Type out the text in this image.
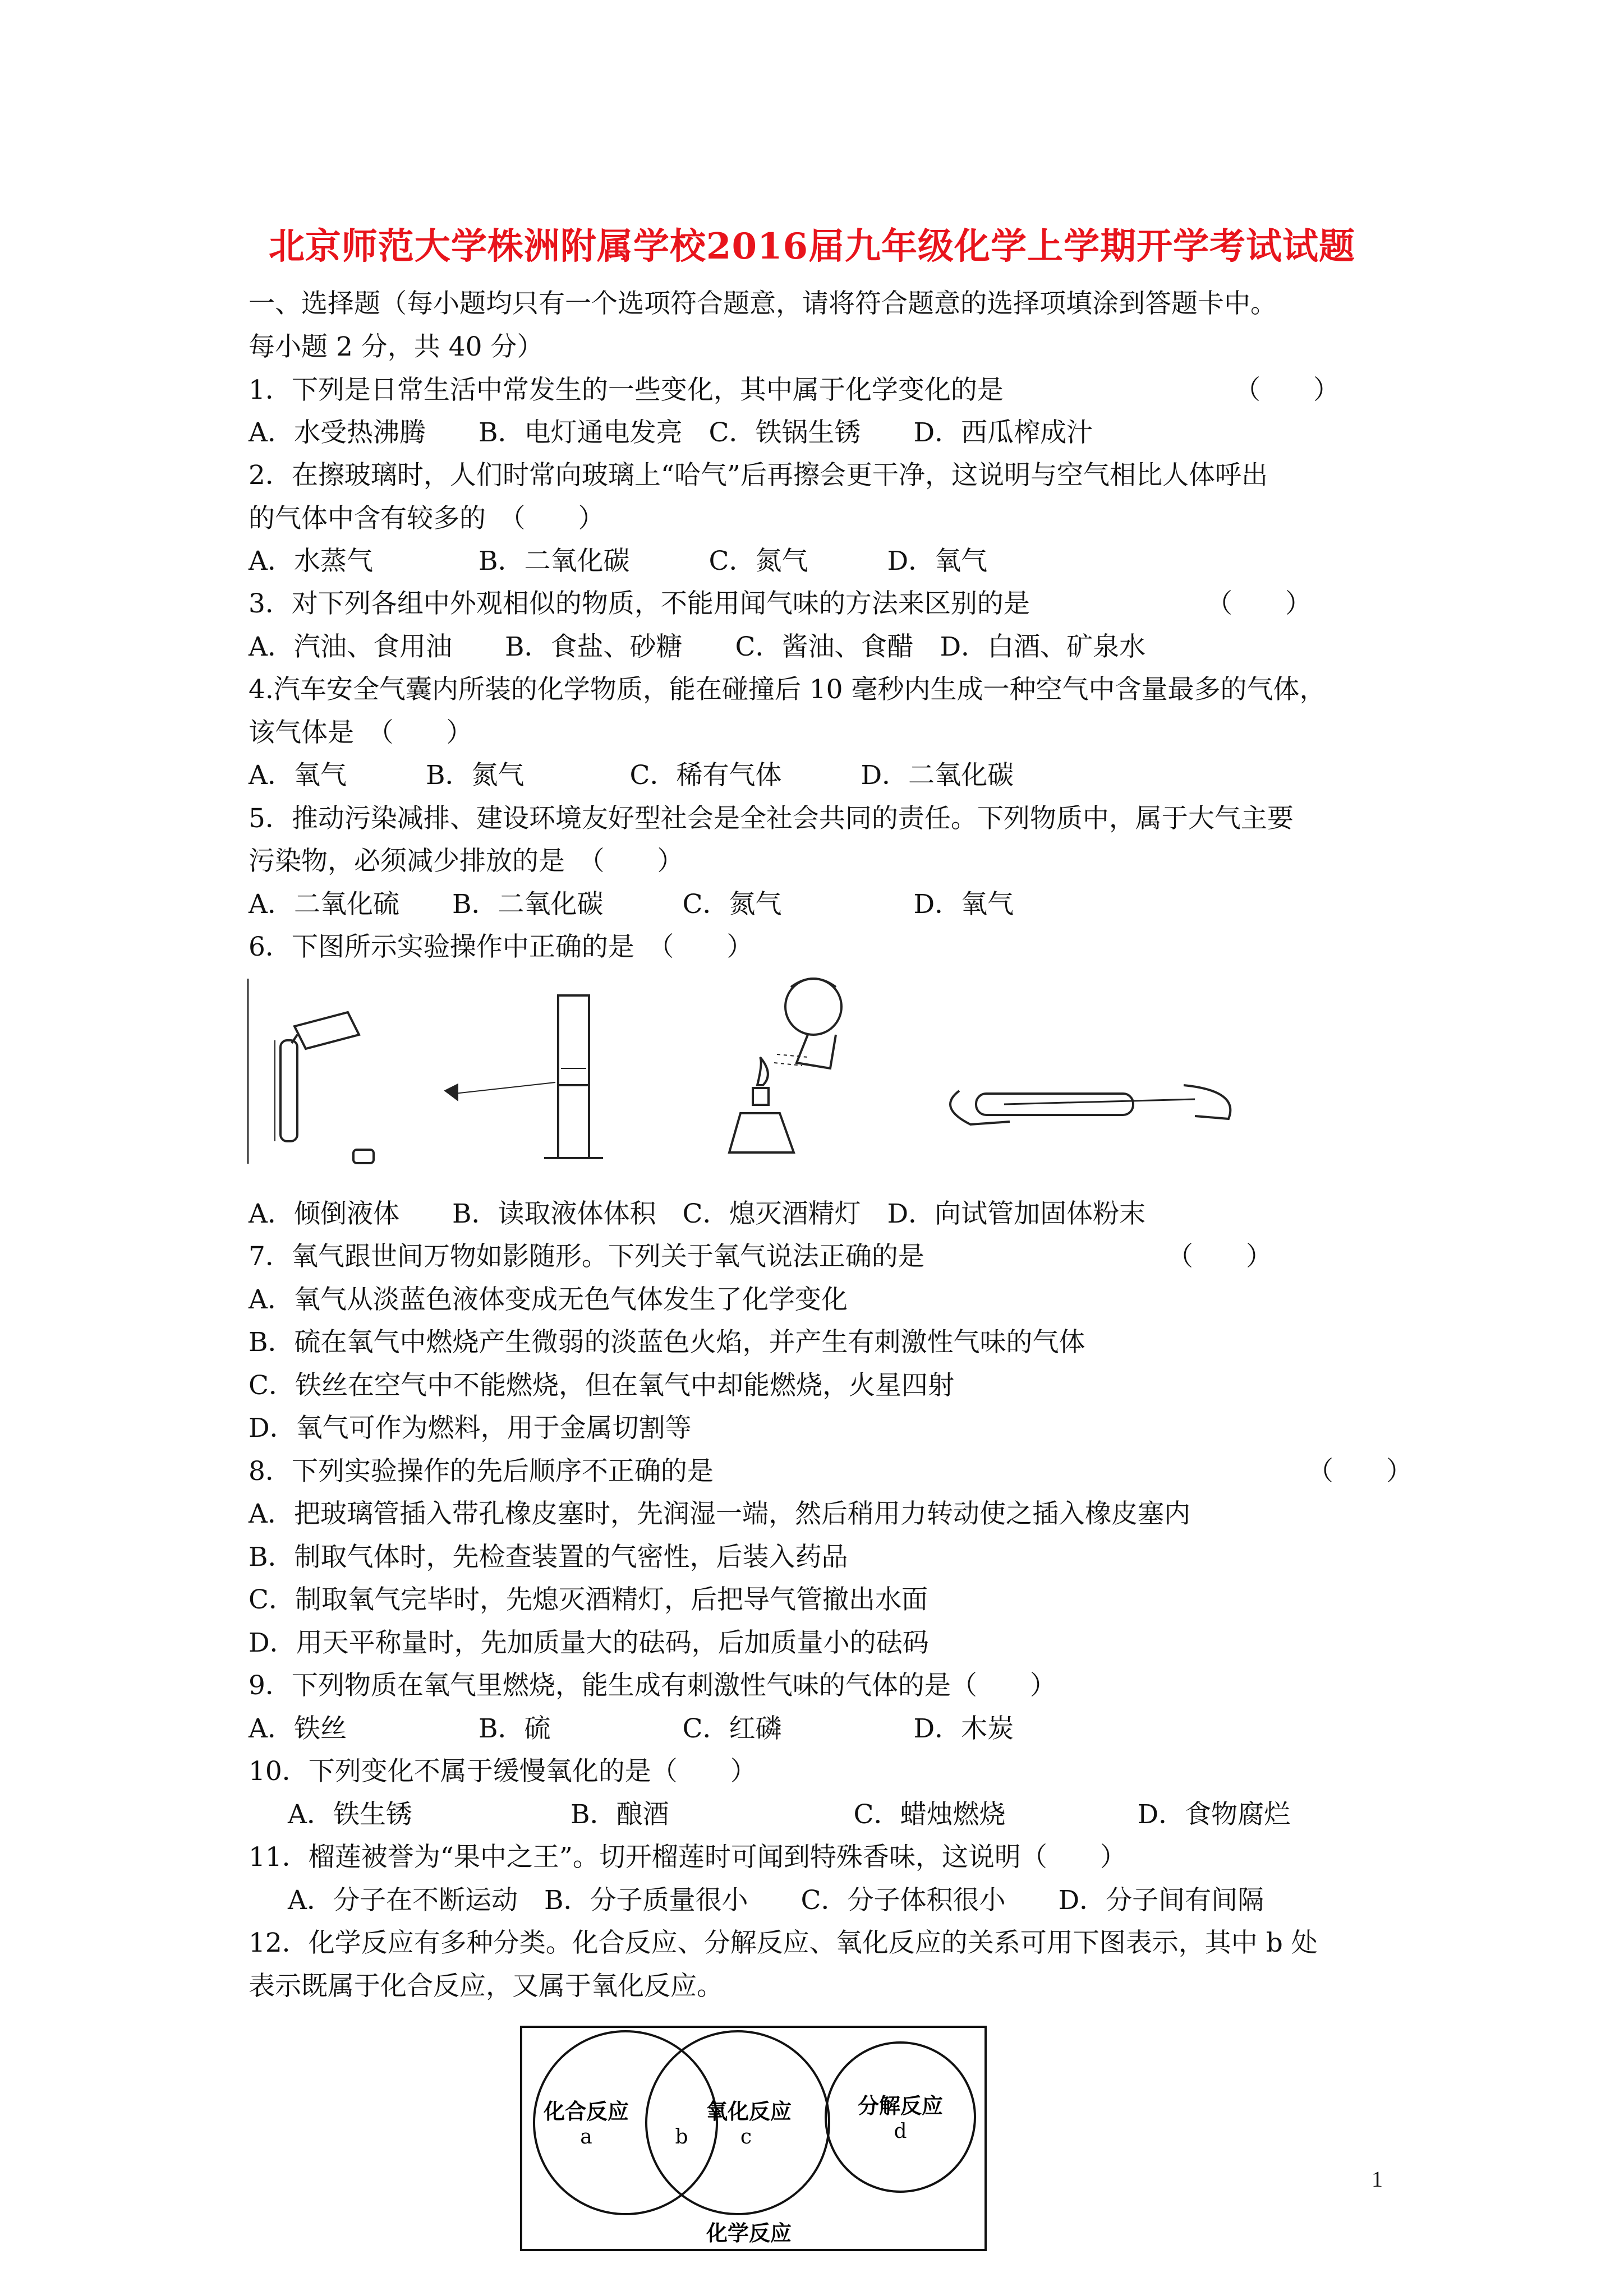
北京师范大学株洲附属学校2016届九年级化学上学期开学考试试题
一、选择题（每小题均只有一个选项符合题意，请将符合题意的选择项填涂到答题卡中。
每小题 2 分，共 40 分）
1．下列是日常生活中常发生的一些变化，其中属于化学变化的是	（　　）
A．水受热沸腾　　B．电灯通电发亮　C．铁锅生锈　　D．西瓜榨成汁
2．在擦玻璃时，人们时常向玻璃上“哈气”后再擦会更干净，这说明与空气相比人体呼出
的气体中含有较多的　（　　）
A．水蒸气　　　　B．二氧化碳　　　C．氮气　　　D．氧气
3．对下列各组中外观相似的物质，不能用闻气味的方法来区别的是	（　　）
A．汽油、食用油　　B．食盐、砂糖　　C．酱油、食醋　D．白酒、矿泉水
4.汽车安全气囊内所装的化学物质，能在碰撞后 10 毫秒内生成一种空气中含量最多的气体，
该气体是　（　　）
A．氧气　　　B．氮气　　　　C．稀有气体　　　D．二氧化碳
5．推动污染减排、建设环境友好型社会是全社会共同的责任。下列物质中，属于大气主要
污染物，必须减少排放的是　（　　）
A．二氧化硫　　B．二氧化碳　　　C．氮气　　　　　D．氧气
6．下图所示实验操作中正确的是　（　　）
A．倾倒液体　　B．读取液体体积　C．熄灭酒精灯　D．向试管加固体粉末
7．氧气跟世间万物如影随形。下列关于氧气说法正确的是	（　　）
A．氧气从淡蓝色液体变成无色气体发生了化学变化
B．硫在氧气中燃烧产生微弱的淡蓝色火焰，并产生有刺激性气味的气体
C．铁丝在空气中不能燃烧，但在氧气中却能燃烧，火星四射
D．氧气可作为燃料，用于金属切割等
8．下列实验操作的先后顺序不正确的是	（　　）
A．把玻璃管插入带孔橡皮塞时，先润湿一端，然后稍用力转动使之插入橡皮塞内
B．制取气体时，先检查装置的气密性，后装入药品
C．制取氧气完毕时，先熄灭酒精灯，后把导气管撤出水面
D．用天平称量时，先加质量大的砝码，后加质量小的砝码
9．下列物质在氧气里燃烧，能生成有刺激性气味的气体的是（　　）
A．铁丝　　　　　B．硫　　　　　C．红磷　　　　　D．木炭
10．下列变化不属于缓慢氧化的是（　　）
A．铁生锈　　　　　　B．酿酒　　　　　　　C．蜡烛燃烧　　　　　D．食物腐烂
11．榴莲被誉为“果中之王”。切开榴莲时可闻到特殊香味，这说明（　　）
A．分子在不断运动　B．分子质量很小　　C．分子体积很小　　D．分子间有间隔
12．化学反应有多种分类。化合反应、分解反应、氧化反应的关系可用下图表示，其中 b 处
表示既属于化合反应，又属于氧化反应。
化合反应
a	b
氧化反应
c
分解反应
d
化学反应
1
